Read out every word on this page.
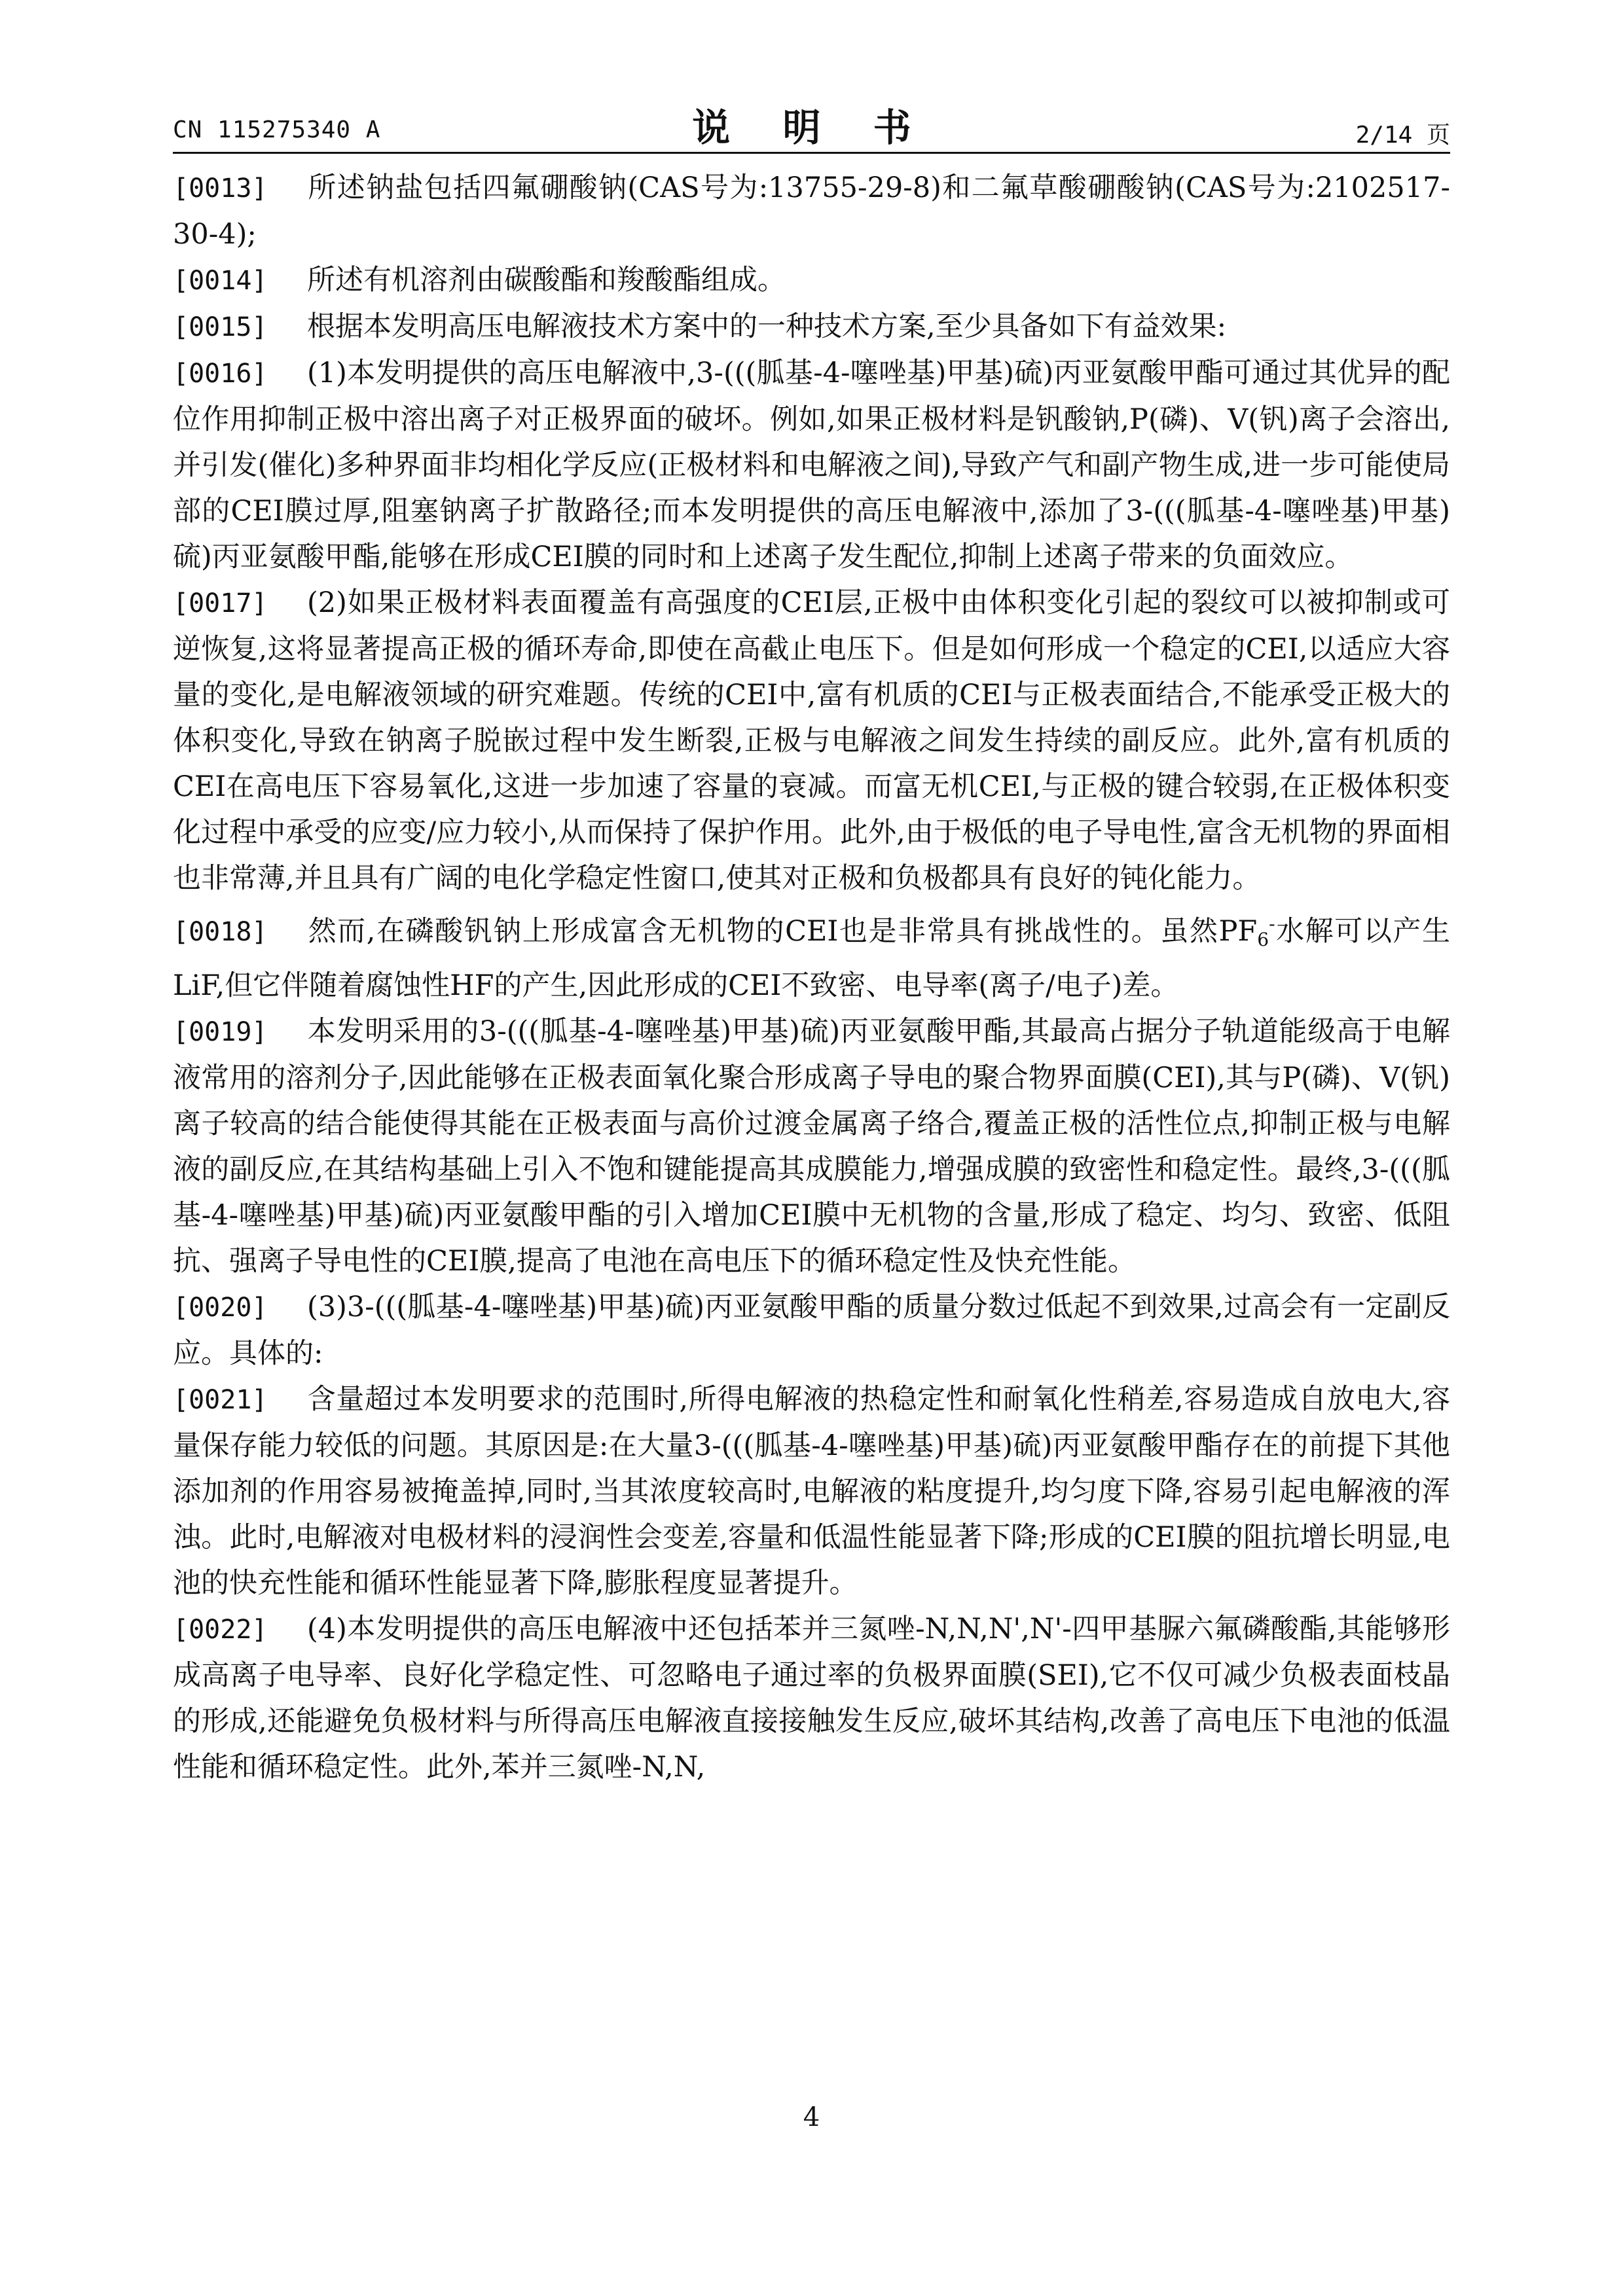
CN 115275340 A	说 明 书	2/14 页

[0013] 所述钠盐包括四氟硼酸钠(CAS号为:13755-29-8)和二氟草酸硼酸钠(CAS号为:2102517-30-4);

[0014] 所述有机溶剂由碳酸酯和羧酸酯组成。

[0015] 根据本发明高压电解液技术方案中的一种技术方案,至少具备如下有益效果:

[0016] (1)本发明提供的高压电解液中,3-(((胍基-4-噻唑基)甲基)硫)丙亚氨酸甲酯可通过其优异的配位作用抑制正极中溶出离子对正极界面的破坏。例如,如果正极材料是钒酸钠,P(磷)、V(钒)离子会溶出,并引发(催化)多种界面非均相化学反应(正极材料和电解液之间),导致产气和副产物生成,进一步可能使局部的CEI膜过厚,阻塞钠离子扩散路径;而本发明提供的高压电解液中,添加了3-(((胍基-4-噻唑基)甲基)硫)丙亚氨酸甲酯,能够在形成CEI膜的同时和上述离子发生配位,抑制上述离子带来的负面效应。

[0017] (2)如果正极材料表面覆盖有高强度的CEI层,正极中由体积变化引起的裂纹可以被抑制或可逆恢复,这将显著提高正极的循环寿命,即使在高截止电压下。但是如何形成一个稳定的CEI,以适应大容量的变化,是电解液领域的研究难题。传统的CEI中,富有机质的CEI与正极表面结合,不能承受正极大的体积变化,导致在钠离子脱嵌过程中发生断裂,正极与电解液之间发生持续的副反应。此外,富有机质的CEI在高电压下容易氧化,这进一步加速了容量的衰减。而富无机CEI,与正极的键合较弱,在正极体积变化过程中承受的应变/应力较小,从而保持了保护作用。此外,由于极低的电子导电性,富含无机物的界面相也非常薄,并且具有广阔的电化学稳定性窗口,使其对正极和负极都具有良好的钝化能力。

[0018] 然而,在磷酸钒钠上形成富含无机物的CEI也是非常具有挑战性的。虽然$PF_6^-$水解可以产生LiF,但它伴随着腐蚀性HF的产生,因此形成的CEI不致密、电导率(离子/电子)差。

[0019] 本发明采用的3-(((胍基-4-噻唑基)甲基)硫)丙亚氨酸甲酯,其最高占据分子轨道能级高于电解液常用的溶剂分子,因此能够在正极表面氧化聚合形成离子导电的聚合物界面膜(CEI),其与P(磷)、V(钒)离子较高的结合能使得其能在正极表面与高价过渡金属离子络合,覆盖正极的活性位点,抑制正极与电解液的副反应,在其结构基础上引入不饱和键能提高其成膜能力,增强成膜的致密性和稳定性。最终,3-(((胍基-4-噻唑基)甲基)硫)丙亚氨酸甲酯的引入增加CEI膜中无机物的含量,形成了稳定、均匀、致密、低阻抗、强离子导电性的CEI膜,提高了电池在高电压下的循环稳定性及快充性能。

[0020] (3)3-(((胍基-4-噻唑基)甲基)硫)丙亚氨酸甲酯的质量分数过低起不到效果,过高会有一定副反应。具体的:

[0021] 含量超过本发明要求的范围时,所得电解液的热稳定性和耐氧化性稍差,容易造成自放电大,容量保存能力较低的问题。其原因是:在大量3-(((胍基-4-噻唑基)甲基)硫)丙亚氨酸甲酯存在的前提下其他添加剂的作用容易被掩盖掉,同时,当其浓度较高时,电解液的粘度提升,均匀度下降,容易引起电解液的浑浊。此时,电解液对电极材料的浸润性会变差,容量和低温性能显著下降;形成的CEI膜的阻抗增长明显,电池的快充性能和循环性能显著下降,膨胀程度显著提升。

[0022] (4)本发明提供的高压电解液中还包括苯并三氮唑-N,N,N',N'-四甲基脲六氟磷酸酯,其能够形成高离子电导率、良好化学稳定性、可忽略电子通过率的负极界面膜(SEI),它不仅可减少负极表面枝晶的形成,还能避免负极材料与所得高压电解液直接接触发生反应,破坏其结构,改善了高电压下电池的低温性能和循环稳定性。此外,苯并三氮唑-N,N,

4
